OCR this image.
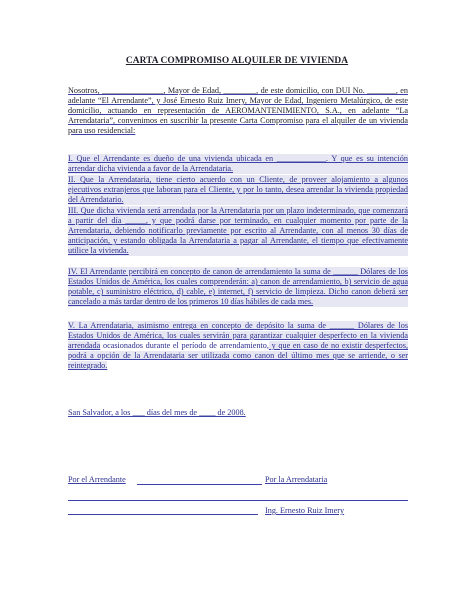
CARTA COMPROMISO ALQUILER DE VIVIENDA
Nosotros, _______________, Mayor de Edad, ________, de este domicilio, con DUI No. _______, en adelante “El Arrendante”, y José Ernesto Ruiz Imery, Mayor de Edad, Ingeniero Metalúrgico, de este domicilio, actuando en representación de AEROMANTENIMIENTO, S.A., en adelante “La Arrendataria”, convenimos en suscribir la presente Carta Compromiso para el alquiler de un vivienda para uso residencial:
I. Que el Arrendante es dueño de una vivienda ubicada en ____________. Y que es su intención arrendar dicha vivienda a favor de la Arrendataria.
II. Que la Arrendataria, tiene cierto acuerdo con un Cliente, de proveer alojamiento a algunos ejecutivos extranjeros que laboran para el Cliente, y por lo tanto, desea arrendar la vivienda propiedad del Arrendatario.
III. Que dicha vivienda será arrendada por la Arrendataria por un plazo indeterminado, que comenzará a partir del día _____, y que podrá darse por terminado, en cualquier momento por parte de la Arrendataria, debiendo notificarlo previamente por escrito al Arrendante, con al menos 30 días de anticipación, y estando obligada la Arrendataria a pagar al Arrendante, el tiempo que efectivamente utilice la vivienda.
IV. El Arrendante percibirá en concepto de canon de arrendamiento la suma de ______ Dólares de los Estados Unidos de América, los cuales comprenderán: a) canon de arrendamiento, b) servicio de agua potable, c) suministro eléctrico, d) cable, e) internet, f) servicio de limpieza. Dicho canon deberá ser cancelado a más tardar dentro de los primeros 10 días hábiles de cada mes.
V. La Arrendataria, asimismo entrega en concepto de depósito la suma de ______ Dólares de los Estados Unidos de América, los cuales servirán para garantizar cualquier desperfecto en la vivienda arrendada ocasionados durante el período de arrendamiento, y que en caso de no existir desperfectos, podrá a opción de la Arrendataria ser utilizada como canon del último mes que se arriende, o ser reintegrado.
San Salvador, a los ___ días del mes de ____ de 2008.
Por el Arrendante	Por la Arrendataria
Ing. Ernesto Ruiz Imery
